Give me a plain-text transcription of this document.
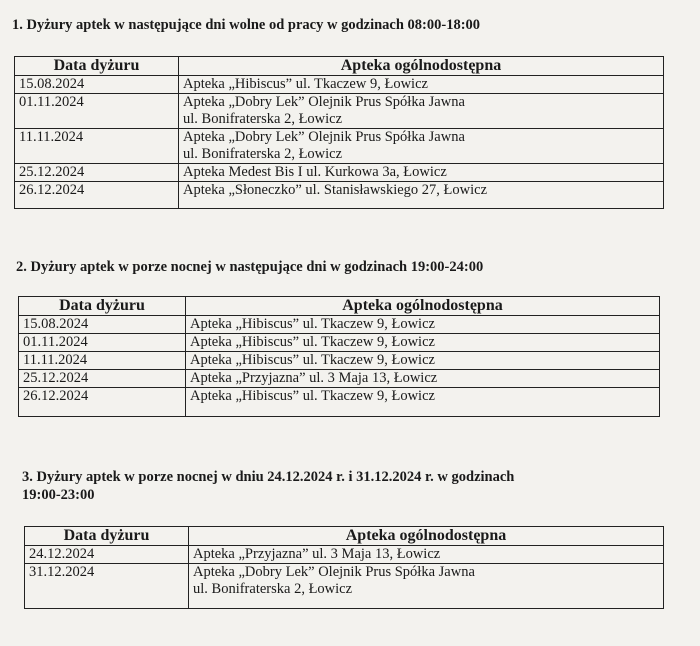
1. Dyżury aptek w następujące dni wolne od pracy w godzinach 08:00-18:00
Data dyżuru	Apteka ogólnodostępna
15.08.2024	Apteka „Hibiscus” ul. Tkaczew 9, Łowicz

01.11.2024	Apteka „Dobry Lek” Olejnik Prus Spółka Jawna
ul. Bonifraterska 2, Łowicz

11.11.2024	Apteka „Dobry Lek” Olejnik Prus Spółka Jawna
ul. Bonifraterska 2, Łowicz

25.12.2024	Apteka Medest Bis I ul. Kurkowa 3a, Łowicz

26.12.2024	Apteka „Słoneczko” ul. Stanisławskiego 27, Łowicz
2. Dyżury aptek w porze nocnej w następujące dni w godzinach 19:00-24:00
Data dyżuru	Apteka ogólnodostępna
15.08.2024	Apteka „Hibiscus” ul. Tkaczew 9, Łowicz
01.11.2024	Apteka „Hibiscus” ul. Tkaczew 9, Łowicz
11.11.2024	Apteka „Hibiscus” ul. Tkaczew 9, Łowicz
25.12.2024	Apteka „Przyjazna” ul. 3 Maja 13, Łowicz
26.12.2024	Apteka „Hibiscus” ul. Tkaczew 9, Łowicz
3. Dyżury aptek w porze nocnej w dniu 24.12.2024 r. i 31.12.2024 r. w godzinach
19:00-23:00
Data dyżuru	Apteka ogólnodostępna
24.12.2024	Apteka „Przyjazna” ul. 3 Maja 13, Łowicz

31.12.2024	Apteka „Dobry Lek” Olejnik Prus Spółka Jawna
ul. Bonifraterska 2, Łowicz
